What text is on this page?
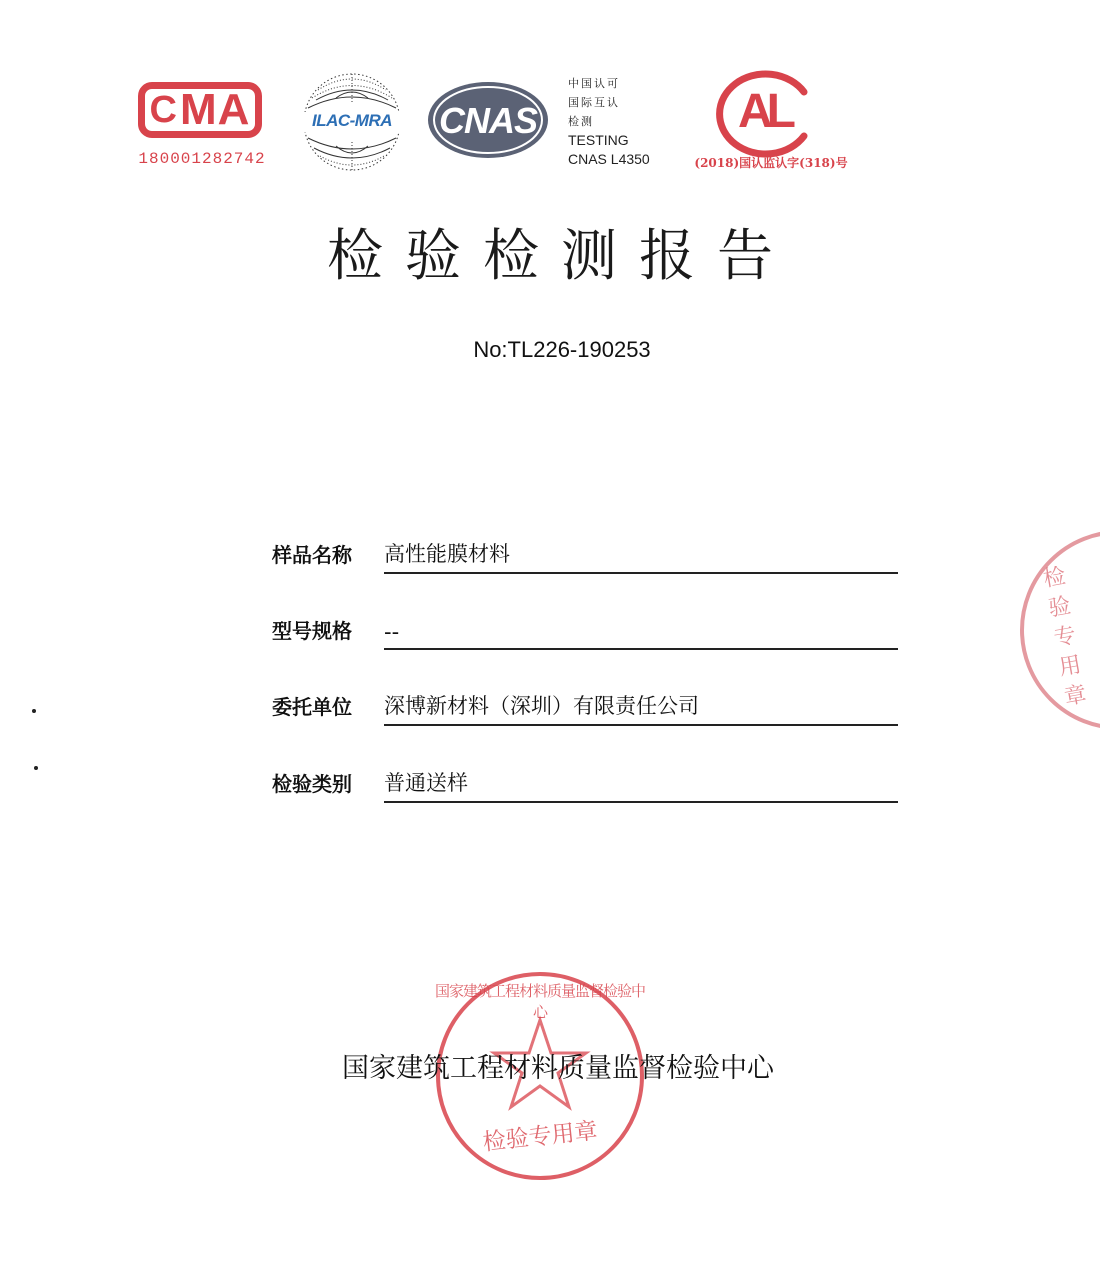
C MA
180001282742
ILAC-MRA	CNAS
中国认可
国际互认
检测
TESTING
CNAS L4350
AL
(2018)国认监认字(318)号
检验检测报告
No:TL226-190253
样品名称	高性能膜材料
型号规格	--
委托单位	深博新材料（深圳）有限责任公司
检验类别	普通送样
检验专用章
国家建筑工程材料质量监督检验中心
检验专用章
国家建筑工程材料质量监督检验中心
